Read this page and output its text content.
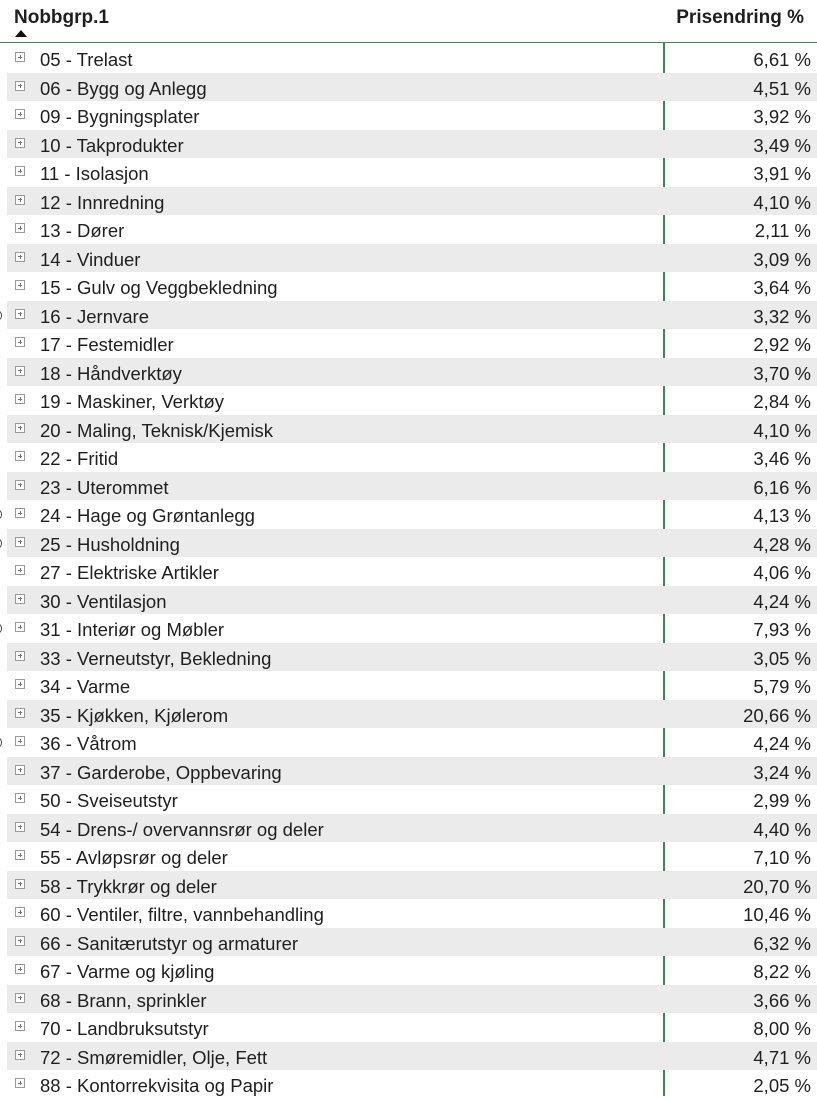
Nobbgrp.1	Prisendring %
05 - Trelast	6,61 %
06 - Bygg og Anlegg	4,51 %
09 - Bygningsplater	3,92 %
10 - Takprodukter	3,49 %
11 - Isolasjon	3,91 %
12 - Innredning	4,10 %
13 - Dører	2,11 %
14 - Vinduer	3,09 %
15 - Gulv og Veggbekledning	3,64 %
16 - Jernvare	3,32 %
17 - Festemidler	2,92 %
18 - Håndverktøy	3,70 %
19 - Maskiner, Verktøy	2,84 %
20 - Maling, Teknisk/Kjemisk	4,10 %
22 - Fritid	3,46 %
23 - Uterommet	6,16 %
24 - Hage og Grøntanlegg	4,13 %
25 - Husholdning	4,28 %
27 - Elektriske Artikler	4,06 %
30 - Ventilasjon	4,24 %
31 - Interiør og Møbler	7,93 %
33 - Verneutstyr, Bekledning	3,05 %
34 - Varme	5,79 %
35 - Kjøkken, Kjølerom	20,66 %
36 - Våtrom	4,24 %
37 - Garderobe, Oppbevaring	3,24 %
50 - Sveiseutstyr	2,99 %
54 - Drens-/ overvannsrør og deler	4,40 %
55 - Avløpsrør og deler	7,10 %
58 - Trykkrør og deler	20,70 %
60 - Ventiler, filtre, vannbehandling	10,46 %
66 - Sanitærutstyr og armaturer	6,32 %
67 - Varme og kjøling	8,22 %
68 - Brann, sprinkler	3,66 %
70 - Landbruksutstyr	8,00 %
72 - Smøremidler, Olje, Fett	4,71 %
88 - Kontorrekvisita og Papir	2,05 %
